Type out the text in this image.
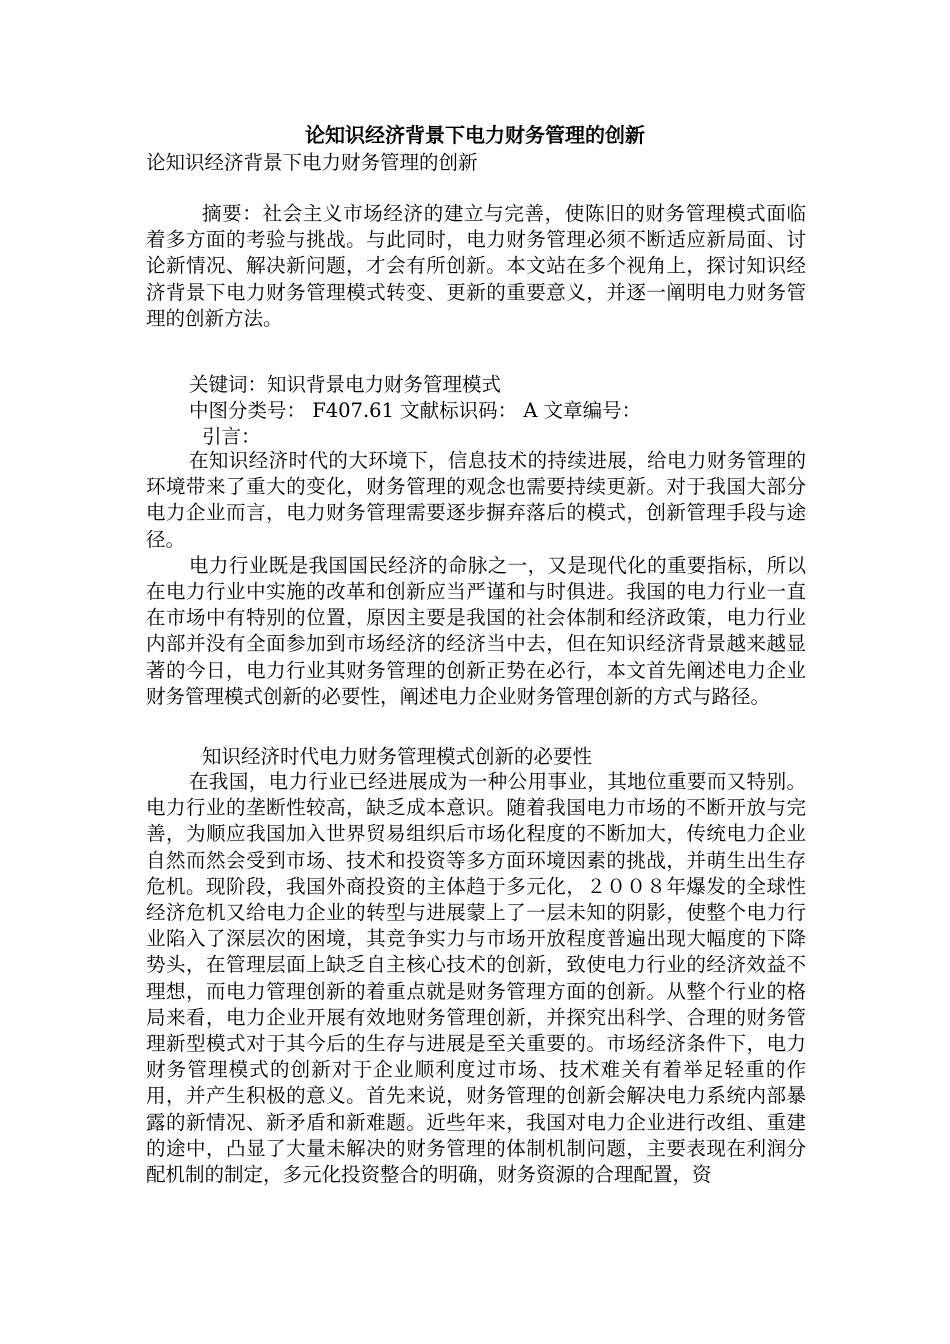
论知识经济背景下电力财务管理的创新
论知识经济背景下电力财务管理的创新
摘要：社会主义市场经济的建立与完善，使陈旧的财务管理模式面临着多方面的考验与挑战。与此同时，电力财务管理必须不断适应新局面、讨论新情况、解决新问题，才会有所创新。本文站在多个视角上，探讨知识经济背景下电力财务管理模式转变、更新的重要意义，并逐一阐明电力财务管理的创新方法。
关键词：知识背景电力财务管理模式
中图分类号： F407.61 文献标识码： A 文章编号：
引言：

在知识经济时代的大环境下，信息技术的持续进展，给电力财务管理的环境带来了重大的变化，财务管理的观念也需要持续更新。对于我国大部分电力企业而言，电力财务管理需要逐步摒弃落后的模式，创新管理手段与途径。

电力行业既是我国国民经济的命脉之一，又是现代化的重要指标，所以在电力行业中实施的改革和创新应当严谨和与时俱进。我国的电力行业一直在市场中有特别的位置，原因主要是我国的社会体制和经济政策，电力行业内部并没有全面参加到市场经济的经济当中去，但在知识经济背景越来越显著的今日，电力行业其财务管理的创新正势在必行，本文首先阐述电力企业财务管理模式创新的必要性，阐述电力企业财务管理创新的方式与路径。

知识经济时代电力财务管理模式创新的必要性
在我国，电力行业已经进展成为一种公用事业，其地位重要而又特别。电力行业的垄断性较高，缺乏成本意识。随着我国电力市场的不断开放与完善，为顺应我国加入世界贸易组织后市场化程度的不断加大，传统电力企业自然而然会受到市场、技术和投资等多方面环境因素的挑战，并萌生出生存危机。现阶段，我国外商投资的主体趋于多元化，２００８年爆发的全球性经济危机又给电力企业的转型与进展蒙上了一层未知的阴影，使整个电力行业陷入了深层次的困境，其竞争实力与市场开放程度普遍出现大幅度的下降势头，在管理层面上缺乏自主核心技术的创新，致使电力行业的经济效益不理想，而电力管理创新的着重点就是财务管理方面的创新。从整个行业的格局来看，电力企业开展有效地财务管理创新，并探究出科学、合理的财务管理新型模式对于其今后的生存与进展是至关重要的。市场经济条件下，电力财务管理模式的创新对于企业顺利度过市场、技术难关有着举足轻重的作用，并产生积极的意义。首先来说，财务管理的创新会解决电力系统内部暴露的新情况、新矛盾和新难题。近些年来，我国对电力企业进行改组、重建的途中，凸显了大量未解决的财务管理的体制机制问题，主要表现在利润分配机制的制定，多元化投资整合的明确，财务资源的合理配置，资
